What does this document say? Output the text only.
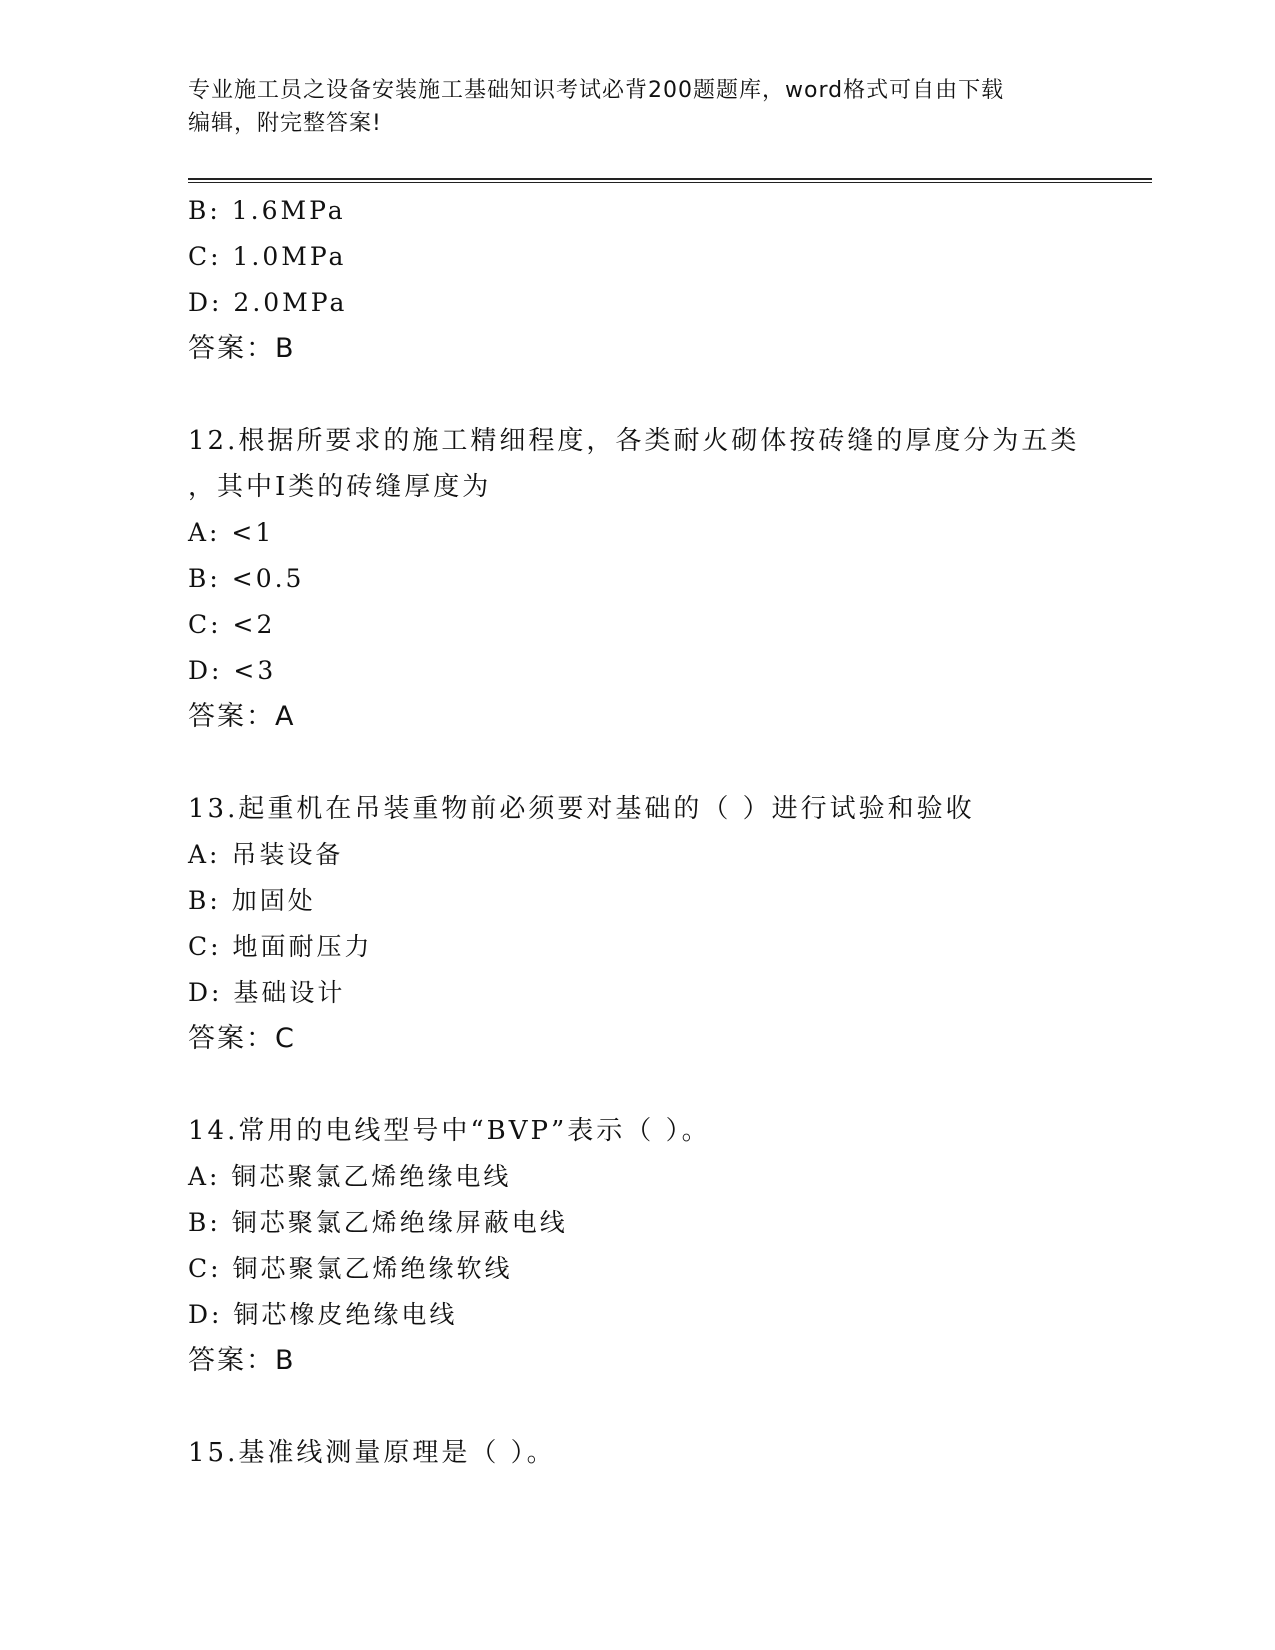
专业施工员之设备安装施工基础知识考试必背200题题库，word格式可自由下载
编辑，附完整答案!
B: 1.6MPa
C: 1.0MPa
D: 2.0MPa
答案：B
12.根据所要求的施工精细程度，各类耐火砌体按砖缝的厚度分为五类
，其中Ⅰ类的砖缝厚度为
A: <1
B: <0.5
C: <2
D: <3
答案：A
13.起重机在吊装重物前必须要对基础的（ ）进行试验和验收
A: 吊装设备
B: 加固处
C: 地面耐压力
D: 基础设计
答案：C
14.常用的电线型号中“BVP”表示（ ）。
A: 铜芯聚氯乙烯绝缘电线
B: 铜芯聚氯乙烯绝缘屏蔽电线
C: 铜芯聚氯乙烯绝缘软线
D: 铜芯橡皮绝缘电线
答案：B
15.基准线测量原理是（ ）。
